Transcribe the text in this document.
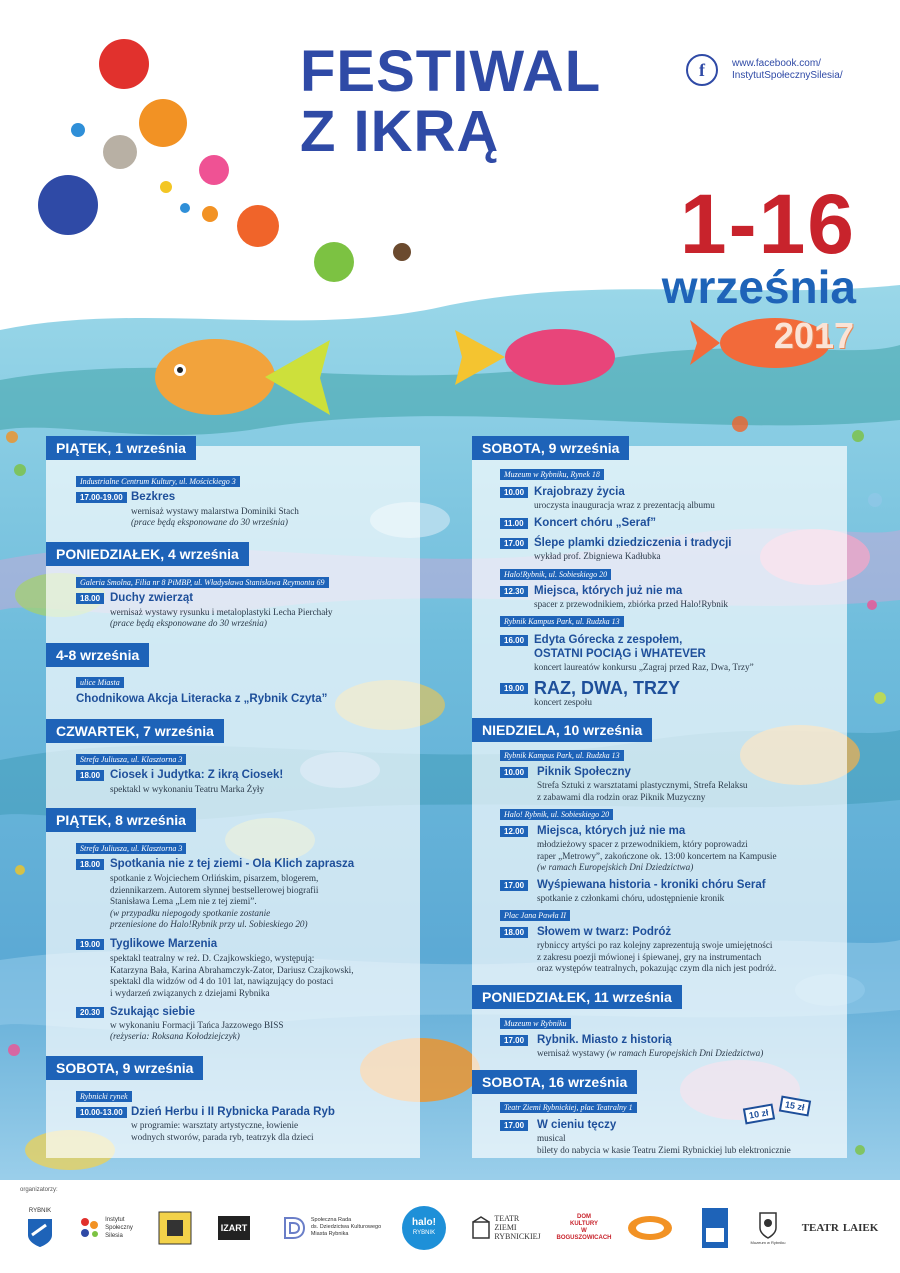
FESTIWAL
Z IKRĄ
f	www.facebook.com/
InstytutSpołecznySilesia/
1-16
września
2017
PIĄTEK, 1 września
Industrialne Centrum Kultury, ul. Mościckiego 3
17.00-19.00 Bezkres
wernisaż wystawy malarstwa Dominiki Stach
(prace będą eksponowane do 30 września)
PONIEDZIAŁEK, 4 września
Galeria Smolna, Filia nr 8 PiMBP, ul. Władysława Stanisława Reymonta 69
18.00 Duchy zwierząt
wernisaż wystawy rysunku i metaloplastyki Lecha Pierchały
(prace będą eksponowane do 30 września)
4-8 września
ulice Miasta
Chodnikowa Akcja Literacka z „Rybnik Czyta”
CZWARTEK, 7 września
Strefa Juliusza, ul. Klasztorna 3
18.00 Ciosek i Judytka: Z ikrą Ciosek!
spektakl w wykonaniu Teatru Marka Żyły
PIĄTEK, 8 września
Strefa Juliusza, ul. Klasztorna 3
18.00 Spotkania nie z tej ziemi - Ola Klich zaprasza
spotkanie z Wojciechem Orlińskim, pisarzem, blogerem,
dziennikarzem. Autorem słynnej bestsellerowej biografii
Stanisława Lema „Lem nie z tej ziemi”.
(w przypadku niepogody spotkanie zostanie
przeniesione do Halo!Rybnik przy ul. Sobieskiego 20)
19.00 Tyglikowe Marzenia
spektakl teatralny w reż. D. Czajkowskiego, występują:
Katarzyna Bała, Karina Abrahamczyk-Zator, Dariusz Czajkowski,
spektakl dla widzów od 4 do 101 lat, nawiązujący do postaci
i wydarzeń związanych z dziejami Rybnika
20.30 Szukając siebie
w wykonaniu Formacji Tańca Jazzowego BISS
(reżyseria: Roksana Kołodziejczyk)
SOBOTA, 9 września
Rybnicki rynek
10.00-13.00 Dzień Herbu i II Rybnicka Parada Ryb
w programie: warsztaty artystyczne, łowienie
wodnych stworów, parada ryb, teatrzyk dla dzieci
SOBOTA, 9 września
Muzeum w Rybniku, Rynek 18
10.00 Krajobrazy życia
uroczysta inauguracja wraz z prezentacją albumu
11.00 Koncert chóru „Seraf”
17.00 Ślepe plamki dziedziczenia i tradycji
wykład prof. Zbigniewa Kadłubka
Halo!Rybnik, ul. Sobieskiego 20
12.30 Miejsca, których już nie ma
spacer z przewodnikiem, zbiórka przed Halo!Rybnik
Rybnik Kampus Park, ul. Rudzka 13
16.00 Edyta Górecka z zespołem,
OSTATNI POCIĄG i WHATEVER
koncert laureatów konkursu „Zagraj przed Raz, Dwa, Trzy”
19.00 RAZ, DWA, TRZY
koncert zespołu
NIEDZIELA, 10 września
Rybnik Kampus Park, ul. Rudzka 13
10.00	Piknik Społeczny
Strefa Sztuki z warsztatami plastycznymi, Strefa Relaksu
z zabawami dla rodzin oraz Piknik Muzyczny
Halo! Rybnik, ul. Sobieskiego 20
12.00	Miejsca, których już nie ma
młodzieżowy spacer z przewodnikiem, który poprowadzi
raper „Metrowy”, zakończone ok. 13:00 koncertem na Kampusie
(w ramach Europejskich Dni Dziedzictwa)
17.00	Wyśpiewana historia - kroniki chóru Seraf
spotkanie z członkami chóru, udostępnienie kronik
Plac Jana Pawła II
18.00	Słowem w twarz: Podróż
rybniccy artyści po raz kolejny zaprezentują swoje umiejętności
z zakresu poezji mówionej i śpiewanej, gry na instrumentach
oraz występów teatralnych, pokazując czym dla nich jest podróż.
PONIEDZIAŁEK, 11 września
Muzeum w Rybniku
17.00	Rybnik. Miasto z historią
wernisaż wystawy (w ramach Europejskich Dni Dziedzictwa)
SOBOTA, 16 września
Teatr Ziemi Rybnickiej, plac Teatralny 1
17.00	W cieniu tęczy
musical
bilety do nabycia w kasie Teatru Ziemi Rybnickiej lub elektronicznie
10 zł
15 zł
organizatorzy:
RYBNIK
Instytut
Społeczny
Silesia
IZART
Społeczna Rada
ds. Dziedzictwa Kulturowego
Miasta Rybnika
halo!
RYBNIK
TEATR
ZIEMI
RYBNICKIEJ
DOM
KULTURY
W BOGUSZOWICACH
Muzeum w Rybniku
TEATR LAIEK
